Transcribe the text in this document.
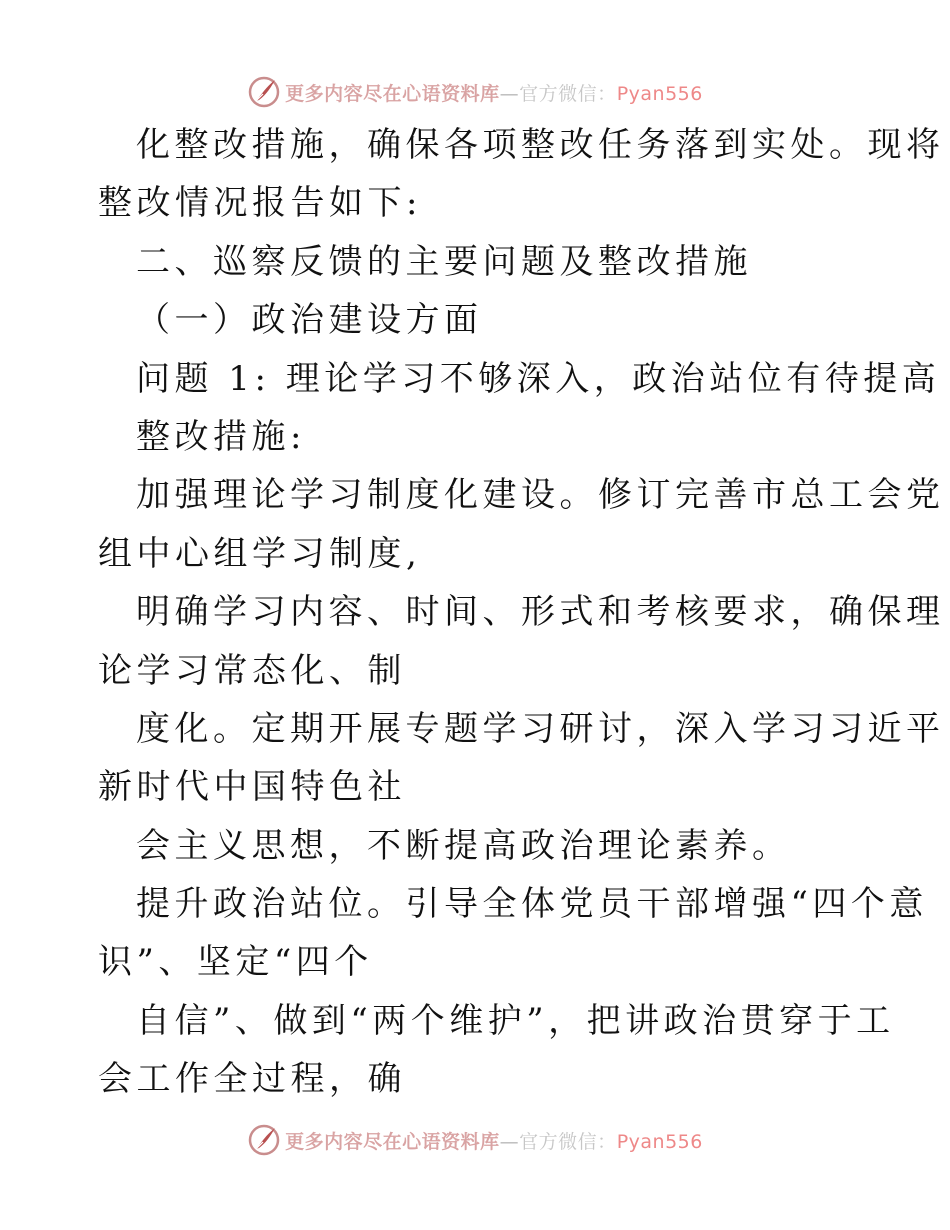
更多内容尽在心语资料库—官方微信：Pyan556
化整改措施，确保各项整改任务落到实处。现将
整改情况报告如下:
二、巡察反馈的主要问题及整改措施
（一）政治建设方面
问题 1: 理论学习不够深入，政治站位有待提高
整改措施:
加强理论学习制度化建设。修订完善市总工会党
组中心组学习制度,
明确学习内容、时间、形式和考核要求，确保理
论学习常态化、制
度化。定期开展专题学习研讨，深入学习习近平
新时代中国特色社
会主义思想，不断提高政治理论素养。
提升政治站位。引导全体党员干部增强“四个意
识”、坚定“四个
自信”、做到“两个维护”，把讲政治贯穿于工
会工作全过程，确
更多内容尽在心语资料库—官方微信：Pyan556
